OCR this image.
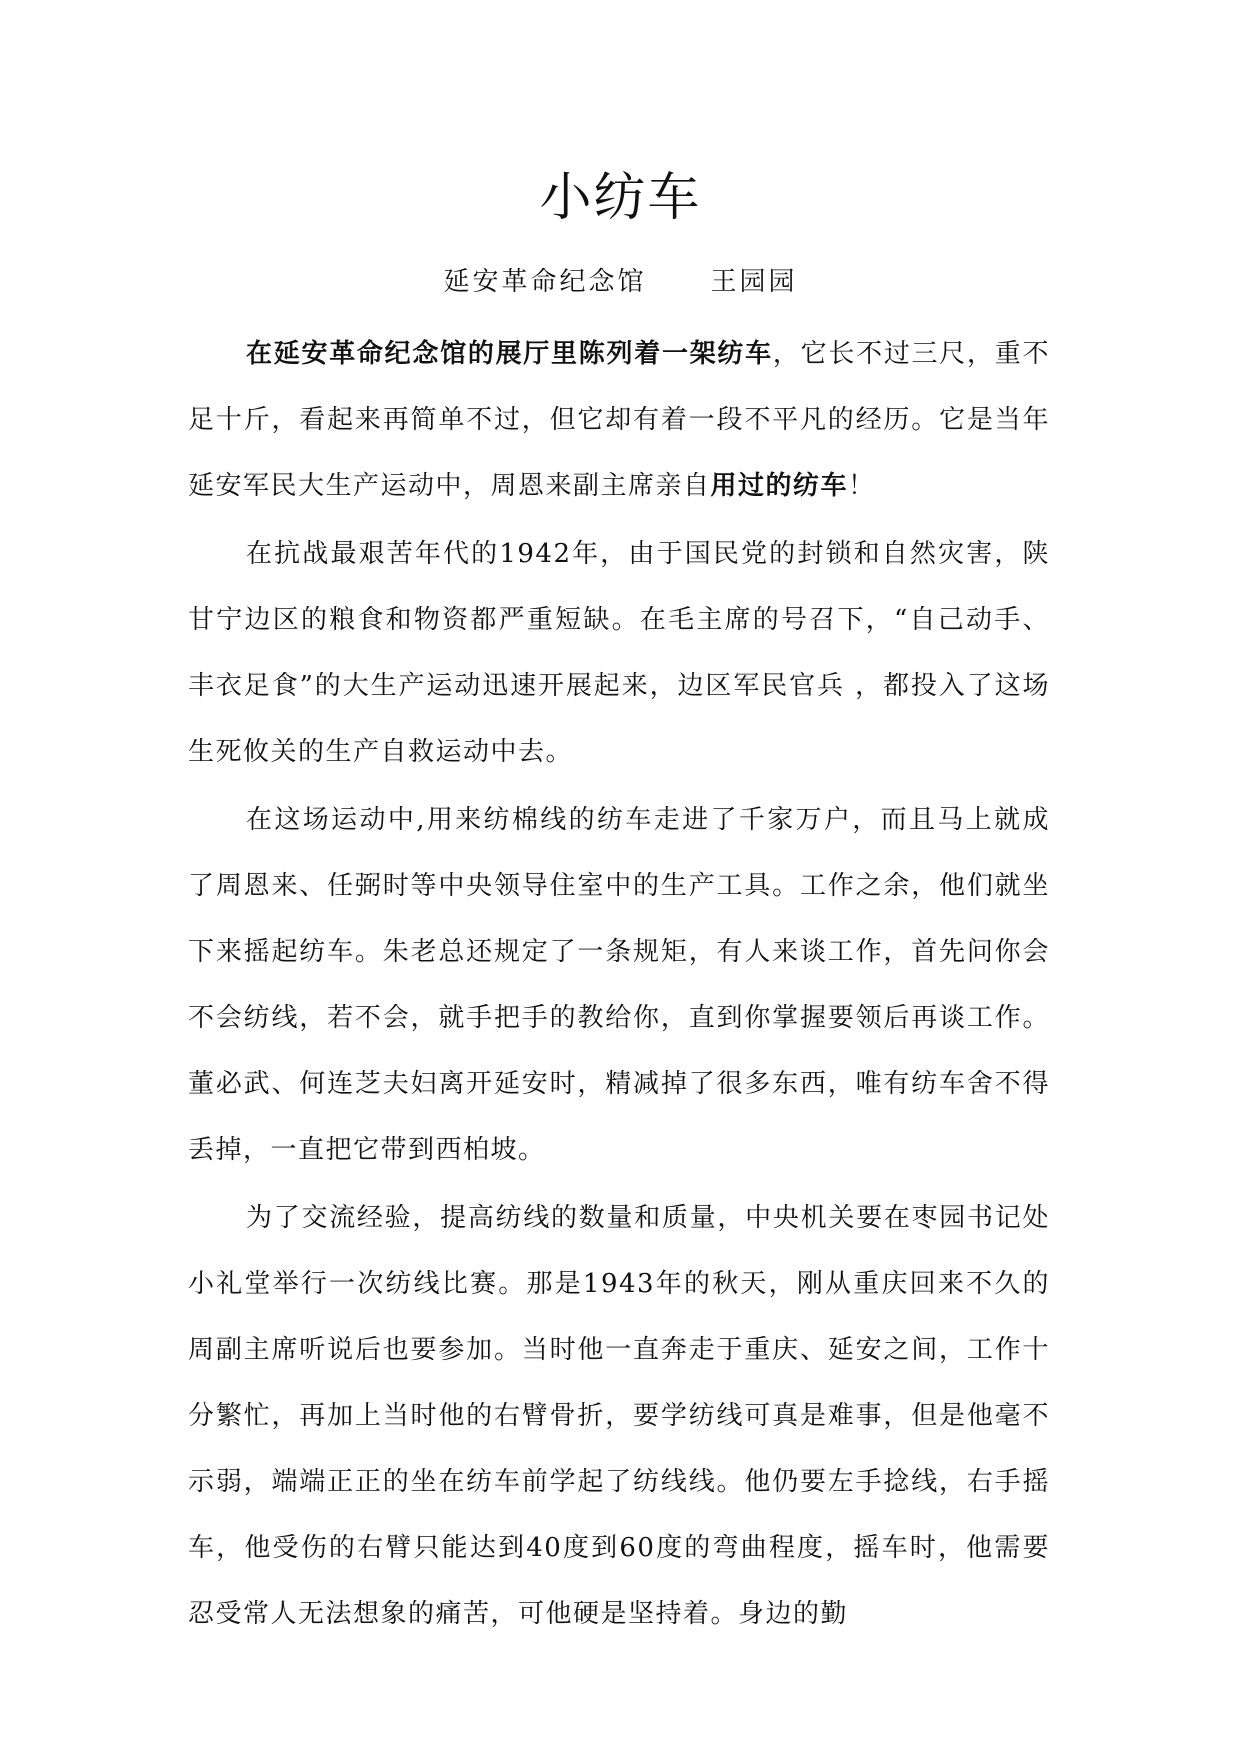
小纺车
延安革命纪念馆 王园园

在延安革命纪念馆的展厅里陈列着一架纺车，它长不过三尺，重不足十斤，看起来再简单不过，但它却有着一段不平凡的经历。它是当年延安军民大生产运动中，周恩来副主席亲自用过的纺车！

在抗战最艰苦年代的1942年，由于国民党的封锁和自然灾害，陕甘宁边区的粮食和物资都严重短缺。在毛主席的号召下，“自己动手、丰衣足食”的大生产运动迅速开展起来，边区军民官兵 ，都投入了这场生死攸关的生产自救运动中去。

在这场运动中,用来纺棉线的纺车走进了千家万户，而且马上就成了周恩来、任弼时等中央领导住室中的生产工具。工作之余，他们就坐下来摇起纺车。朱老总还规定了一条规矩，有人来谈工作，首先问你会不会纺线，若不会，就手把手的教给你，直到你掌握要领后再谈工作。董必武、何连芝夫妇离开延安时，精减掉了很多东西，唯有纺车舍不得丢掉，一直把它带到西柏坡。

为了交流经验，提高纺线的数量和质量，中央机关要在枣园书记处小礼堂举行一次纺线比赛。那是1943年的秋天，刚从重庆回来不久的周副主席听说后也要参加。当时他一直奔走于重庆、延安之间，工作十分繁忙，再加上当时他的右臂骨折，要学纺线可真是难事，但是他毫不示弱，端端正正的坐在纺车前学起了纺线线。他仍要左手捻线，右手摇车，他受伤的右臂只能达到40度到60度的弯曲程度，摇车时，他需要忍受常人无法想象的痛苦，可他硬是坚持着。身边的勤
